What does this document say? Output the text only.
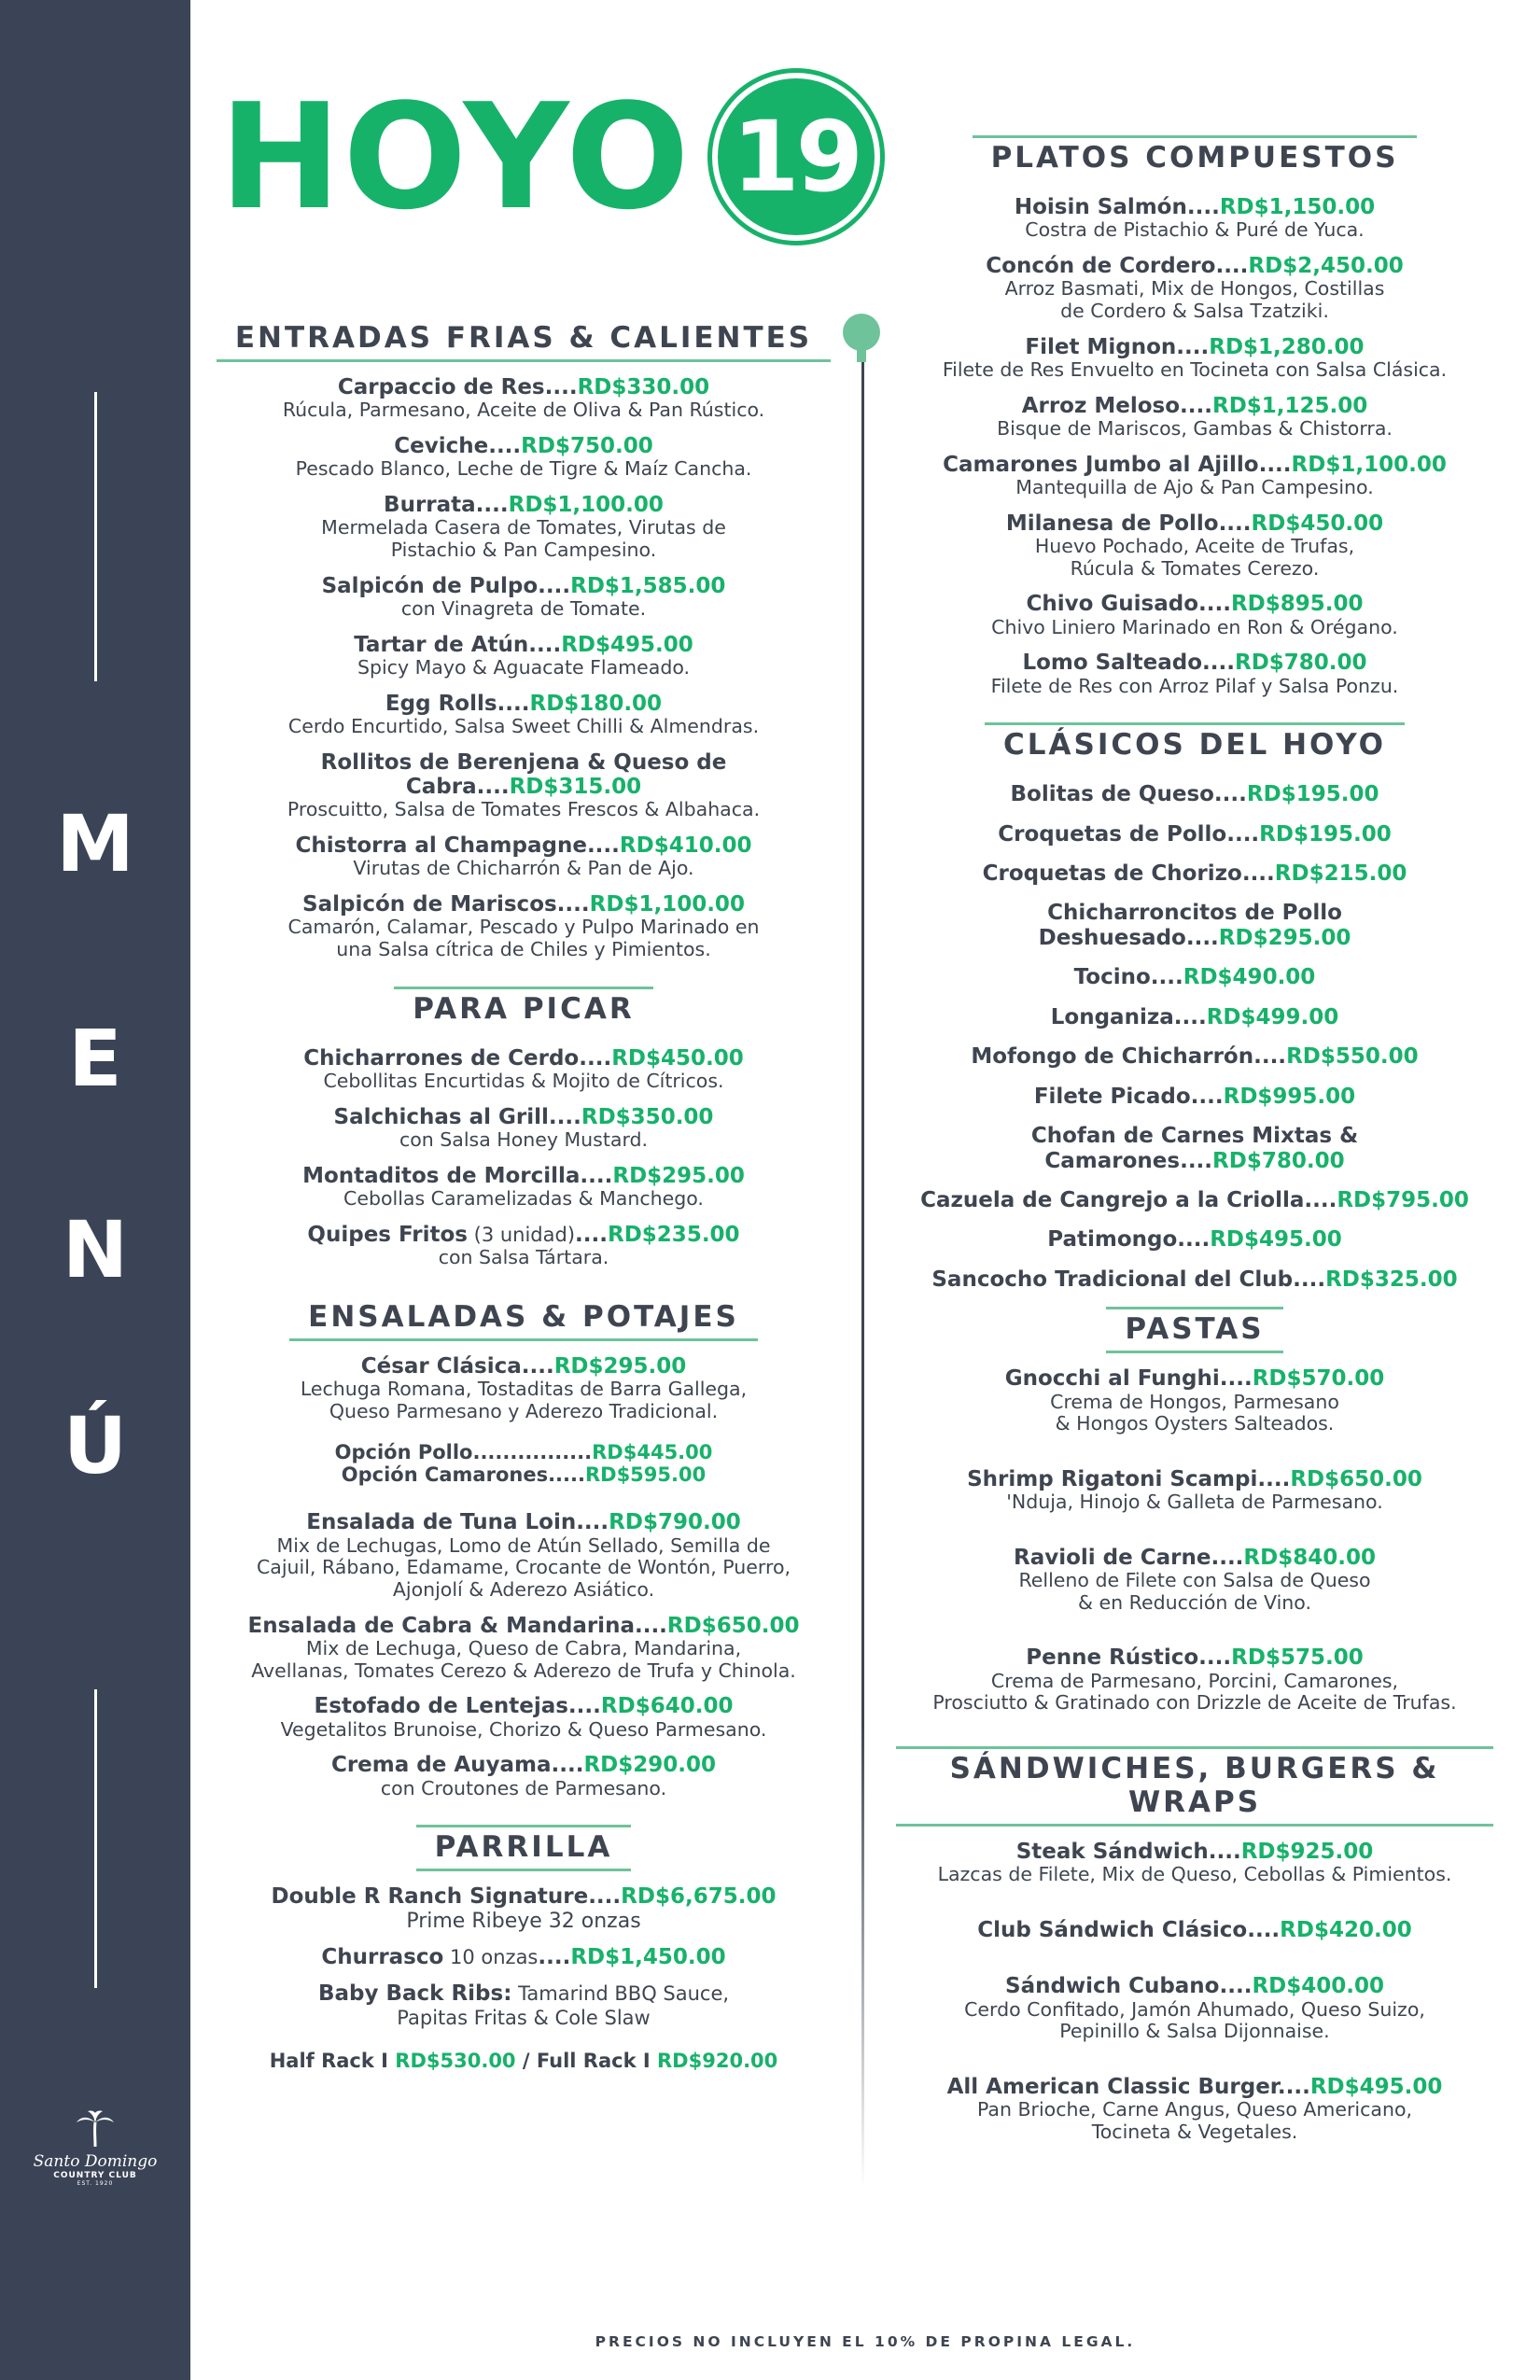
M
E
N
Ú
Santo Domingo
COUNTRY CLUB
EST. 1920
HOYO 19
ENTRADAS FRIAS & CALIENTES
Carpaccio de Res....RD$330.00
Rúcula, Parmesano, Aceite de Oliva & Pan Rústico.
Ceviche....RD$750.00
Pescado Blanco, Leche de Tigre & Maíz Cancha.
Burrata....RD$1,100.00
Mermelada Casera de Tomates, Virutas de
Pistachio & Pan Campesino.
Salpicón de Pulpo....RD$1,585.00
con Vinagreta de Tomate.
Tartar de Atún....RD$495.00
Spicy Mayo & Aguacate Flameado.
Egg Rolls....RD$180.00
Cerdo Encurtido, Salsa Sweet Chilli & Almendras.
Rollitos de Berenjena & Queso de Cabra....RD$315.00
Proscuitto, Salsa de Tomates Frescos & Albahaca.
Chistorra al Champagne....RD$410.00
Virutas de Chicharrón & Pan de Ajo.
Salpicón de Mariscos....RD$1,100.00
Camarón, Calamar, Pescado y Pulpo Marinado en
una Salsa cítrica de Chiles y Pimientos.
PARA PICAR
Chicharrones de Cerdo....RD$450.00
Cebollitas Encurtidas & Mojito de Cítricos.
Salchichas al Grill....RD$350.00
con Salsa Honey Mustard.
Montaditos de Morcilla....RD$295.00
Cebollas Caramelizadas & Manchego.
Quipes Fritos (3 unidad)....RD$235.00
con Salsa Tártara.
ENSALADAS & POTAJES
César Clásica....RD$295.00
Lechuga Romana, Tostaditas de Barra Gallega,
Queso Parmesano y Aderezo Tradicional.
Opción Pollo................RD$445.00
Opción Camarones.....RD$595.00
Ensalada de Tuna Loin....RD$790.00
Mix de Lechugas, Lomo de Atún Sellado, Semilla de
Cajuil, Rábano, Edamame, Crocante de Wontón, Puerro,
Ajonjolí & Aderezo Asiático.
Ensalada de Cabra & Mandarina....RD$650.00
Mix de Lechuga, Queso de Cabra, Mandarina,
Avellanas, Tomates Cerezo & Aderezo de Trufa y Chinola.
Estofado de Lentejas....RD$640.00
Vegetalitos Brunoise, Chorizo & Queso Parmesano.
Crema de Auyama....RD$290.00
con Croutones de Parmesano.
PARRILLA
Double R Ranch Signature....RD$6,675.00
Prime Ribeye 32 onzas
Churrasco 10 onzas....RD$1,450.00
Baby Back Ribs: Tamarind BBQ Sauce,
Papitas Fritas & Cole Slaw
Half Rack I RD$530.00 / Full Rack I RD$920.00
PLATOS COMPUESTOS
Hoisin Salmón....RD$1,150.00
Costra de Pistachio & Puré de Yuca.
Concón de Cordero....RD$2,450.00
Arroz Basmati, Mix de Hongos, Costillas
de Cordero & Salsa Tzatziki.
Filet Mignon....RD$1,280.00
Filete de Res Envuelto en Tocineta con Salsa Clásica.
Arroz Meloso....RD$1,125.00
Bisque de Mariscos, Gambas & Chistorra.
Camarones Jumbo al Ajillo....RD$1,100.00
Mantequilla de Ajo & Pan Campesino.
Milanesa de Pollo....RD$450.00
Huevo Pochado, Aceite de Trufas,
Rúcula & Tomates Cerezo.
Chivo Guisado....RD$895.00
Chivo Liniero Marinado en Ron & Orégano.
Lomo Salteado....RD$780.00
Filete de Res con Arroz Pilaf y Salsa Ponzu.
CLÁSICOS DEL HOYO
Bolitas de Queso....RD$195.00
Croquetas de Pollo....RD$195.00
Croquetas de Chorizo....RD$215.00
Chicharroncitos de Pollo Deshuesado....RD$295.00
Tocino....RD$490.00
Longaniza....RD$499.00
Mofongo de Chicharrón....RD$550.00
Filete Picado....RD$995.00
Chofan de Carnes Mixtas & Camarones....RD$780.00
Cazuela de Cangrejo a la Criolla....RD$795.00
Patimongo....RD$495.00
Sancocho Tradicional del Club....RD$325.00
PASTAS
Gnocchi al Funghi....RD$570.00
Crema de Hongos, Parmesano
& Hongos Oysters Salteados.
Shrimp Rigatoni Scampi....RD$650.00
'Nduja, Hinojo & Galleta de Parmesano.
Ravioli de Carne....RD$840.00
Relleno de Filete con Salsa de Queso
& en Reducción de Vino.
Penne Rústico....RD$575.00
Crema de Parmesano, Porcini, Camarones,
Prosciutto & Gratinado con Drizzle de Aceite de Trufas.
SÁNDWICHES, BURGERS & WRAPS
Steak Sándwich....RD$925.00
Lazcas de Filete, Mix de Queso, Cebollas & Pimientos.
Club Sándwich Clásico....RD$420.00
Sándwich Cubano....RD$400.00
Cerdo Confitado, Jamón Ahumado, Queso Suizo,
Pepinillo & Salsa Dijonnaise.
All American Classic Burger....RD$495.00
Pan Brioche, Carne Angus, Queso Americano,
Tocineta & Vegetales.
PRECIOS NO INCLUYEN EL 10% DE PROPINA LEGAL.
